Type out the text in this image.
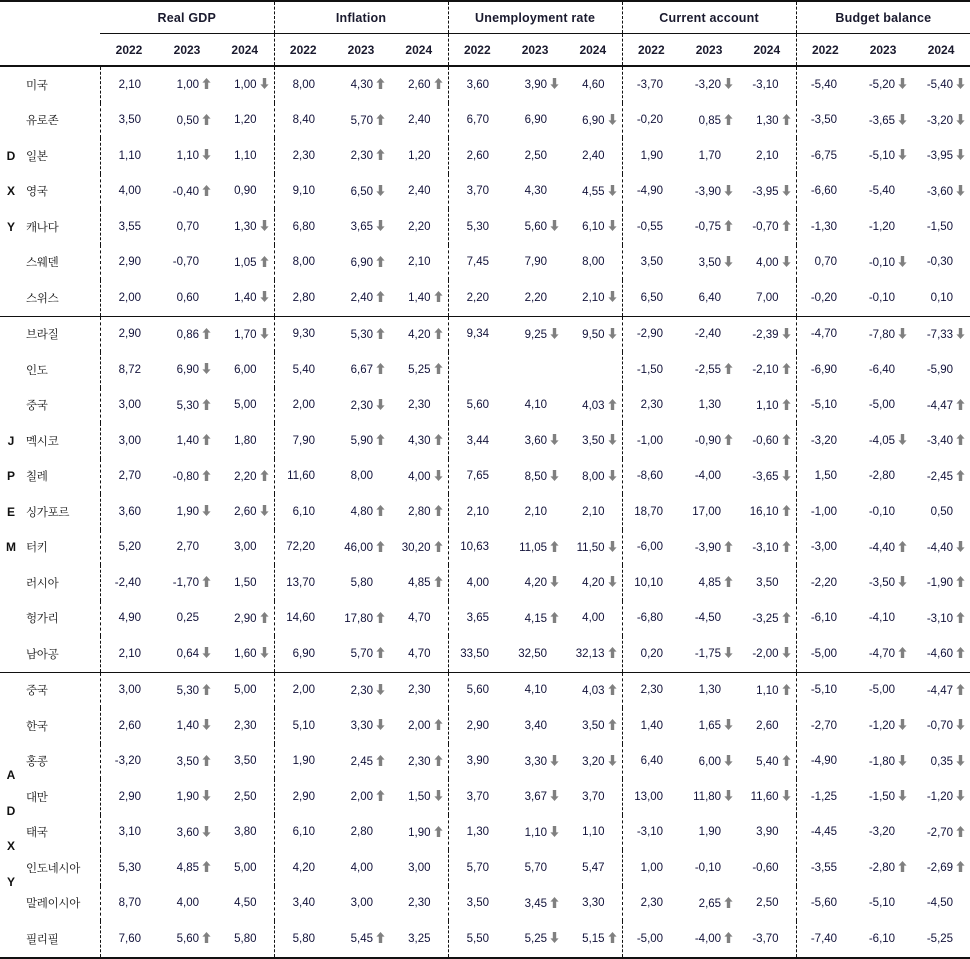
		Real GDP			Inflation			Unemployment rate			Current account			Budget balance		
		2022	2023	2024	2022	2023	2024	2022	2023	2024	2022	2023	2024	2022	2023	2024
	미국	2,10	1,00	1,00	8,00	4,30	2,60	3,60	3,90	4,60	-3,70	-3,20	-3,10	-5,40	-5,20	-5,40

	유로존	3,50	0,50	1,20	8,40	5,70	2,40	6,70	6,90	6,90	-0,20	0,85	1,30	-3,50	-3,65	-3,20

D	일본	1,10	1,10	1,10	2,30	2,30	1,20	2,60	2,50	2,40	1,90	1,70	2,10	-6,75	-5,10	-3,95

X	영국	4,00	-0,40	0,90	9,10	6,50	2,40	3,70	4,30	4,55	-4,90	-3,90	-3,95	-6,60	-5,40	-3,60

Y	캐나다	3,55	0,70	1,30	6,80	3,65	2,20	5,30	5,60	6,10	-0,55	-0,75	-0,70	-1,30	-1,20	-1,50
	스웨덴	2,90	-0,70	1,05	8,00	6,90	2,10	7,45	7,90	8,00	3,50	3,50	4,00	0,70	-0,10	-0,30
	스위스	2,00	0,60	1,40	2,80	2,40	1,40	2,20	2,20	2,10	6,50	6,40	7,00	-0,20	-0,10	0,10
	브라질	2,90	0,86	1,70	9,30	5,30	4,20	9,34	9,25	9,50	-2,90	-2,40	-2,39	-4,70	-7,80	-7,33

	인도	8,72	6,90	6,00	5,40	6,67	5,25				-1,50	-2,55	-2,10	-6,90	-6,40	-5,90
	중국	3,00	5,30	5,00	2,00	2,30	2,30	5,60	4,10	4,03	2,30	1,30	1,10	-5,10	-5,00	-4,47

J	멕시코	3,00	1,40	1,80	7,90	5,90	4,30	3,44	3,60	3,50	-1,00	-0,90	-0,60	-3,20	-4,05	-3,40

P	칠레	2,70	-0,80	2,20	11,60	8,00	4,00	7,65	8,50	8,00	-8,60	-4,00	-3,65	1,50	-2,80	-2,45

E	싱가포르	3,60	1,90	2,60	6,10	4,80	2,80	2,10	2,10	2,10	18,70	17,00	16,10	-1,00	-0,10	0,50
M	터키	5,20	2,70	3,00	72,20	46,00	30,20	10,63	11,05	11,50	-6,00	-3,90	-3,10	-3,00	-4,40	-4,40

	러시아	-2,40	-1,70	1,50	13,70	5,80	4,85	4,00	4,20	4,20	10,10	4,85	3,50	-2,20	-3,50	-1,90

	헝가리	4,90	0,25	2,90	14,60	17,80	4,70	3,65	4,15	4,00	-6,80	-4,50	-3,25	-6,10	-4,10	-3,10

	남아공	2,10	0,64	1,60	6,90	5,70	4,70	33,50	32,50	32,13	0,20	-1,75	-2,00	-5,00	-4,70	-4,60

	중국	3,00	5,30	5,00	2,00	2,30	2,30	5,60	4,10	4,03	2,30	1,30	1,10	-5,10	-5,00	-4,47

	한국	2,60	1,40	2,30	5,10	3,30	2,00	2,90	3,40	3,50	1,40	1,65	2,60	-2,70	-1,20	-0,70

A	홍콩	-3,20	3,50	3,50	1,90	2,45	2,30	3,90	3,30	3,20	6,40	6,00	5,40	-4,90	-1,80	0,35

D	대만	2,90	1,90	2,50	2,90	2,00	1,50	3,70	3,67	3,70	13,00	11,80	11,60	-1,25	-1,50	-1,20

X	태국	3,10	3,60	3,80	6,10	2,80	1,90	1,30	1,10	1,10	-3,10	1,90	3,90	-4,45	-3,20	-2,70

Y	인도네시아	5,30	4,85	5,00	4,20	4,00	3,00	5,70	5,70	5,47	1,00	-0,10	-0,60	-3,55	-2,80	-2,69

	말레이시아	8,70	4,00	4,50	3,40	3,00	2,30	3,50	3,45	3,30	2,30	2,65	2,50	-5,60	-5,10	-4,50
	필리필	7,60	5,60	5,80	5,80	5,45	3,25	5,50	5,25	5,15	-5,00	-4,00	-3,70	-7,40	-6,10	-5,25
